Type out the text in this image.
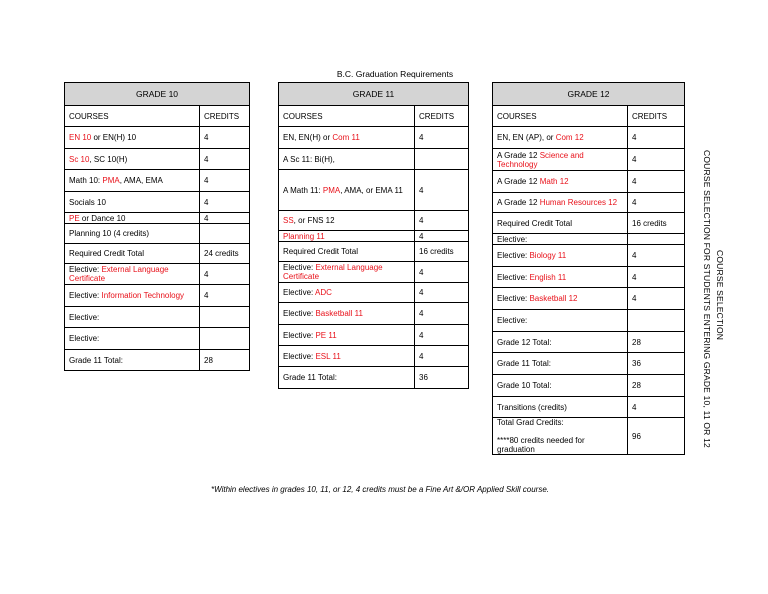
B.C. Graduation Requirements
GRADE 10	
COURSES	CREDITS
EN 10 or EN(H) 10	4
Sc 10, SC 10(H)	4
Math 10: PMA, AMA, EMA	4
Socials 10	4
PE or Dance 10	4
Planning 10 (4 credits)	
Required Credit Total	24 credits
Elective: External Language Certificate	4
Elective: Information Technology	4
Elective:	
Elective:	
Grade 11 Total:	28
GRADE 11	
COURSES	CREDITS
EN, EN(H) or Com 11	4
A Sc 11: Bi(H),	
A Math 11: PMA, AMA, or EMA 11	4
SS, or FNS 12	4
Planning 11	4
Required Credit Total	16 credits
Elective: External Language Certificate	4
Elective: ADC	4
Elective: Basketball 11	4
Elective: PE 11	4
Elective: ESL 11	4
Grade 11 Total:	36
GRADE 12	
COURSES	CREDITS
EN, EN (AP), or Com 12	4
A Grade 12 Science and Technology	4
A Grade 12 Math 12	4
A Grade 12 Human Resources 12	4
Required Credit Total	16 credits
Elective:	
Elective: Biology 11	4
Elective: English 11	4
Elective: Basketball 12	4
Elective:	
Grade 12 Total:	28
Grade 11 Total:	36
Grade 10 Total:	28
Transitions (credits)	4
Total Grad Credits:

****80 credits needed for graduation	96
*Within electives in grades 10, 11, or 12, 4 credits must be a Fine Art &/OR Applied Skill course.
COURSE SELECTION FOR STUDENTS ENTERING GRADE 10, 11 OR 12 COURSE SELECTION
